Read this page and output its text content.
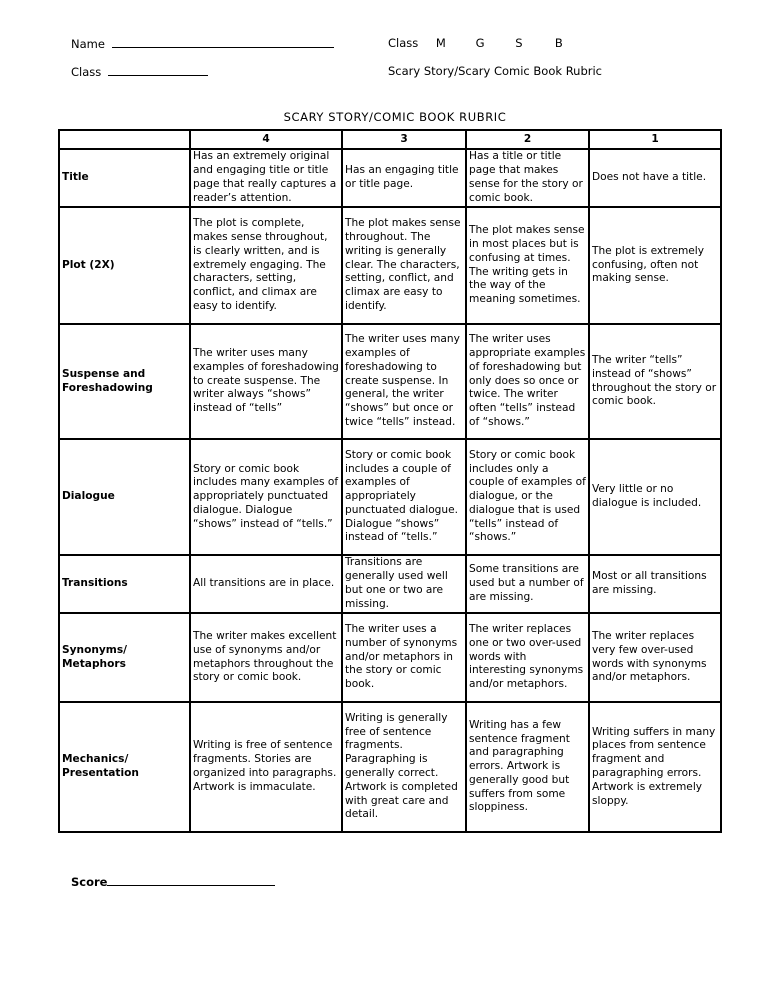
Name
Class
Class M	G	S	B
Scary Story/Scary Comic Book Rubric
SCARY STORY/COMIC BOOK RUBRIC
	4	3	2	1
Title	Has an extremely original and engaging title or title page that really captures a reader’s attention.	Has an engaging title or title page.	Has a title or title page that makes sense for the story or comic book.	Does not have a title.
Plot (2X)	The plot is complete, makes sense throughout, is clearly written, and is extremely engaging. The characters, setting, conflict, and climax are easy to identify.	The plot makes sense throughout. The writing is generally clear. The characters, setting, conflict, and climax are easy to identify.	The plot makes sense in most places but is confusing at times. The writing gets in the way of the meaning sometimes.	The plot is extremely confusing, often not making sense.
Suspense and Foreshadowing	The writer uses many examples of foreshadowing to create suspense. The writer always “shows” instead of “tells”	The writer uses many examples of foreshadowing to create suspense. In general, the writer “shows” but once or twice “tells” instead.	The writer uses appropriate examples of foreshadowing but only does so once or twice. The writer often “tells” instead of “shows.”	The writer “tells” instead of “shows” throughout the story or comic book.
Dialogue	Story or comic book includes many examples of appropriately punctuated dialogue. Dialogue “shows” instead of “tells.”	Story or comic book includes a couple of examples of appropriately punctuated dialogue. Dialogue “shows” instead of “tells.”	Story or comic book includes only a couple of examples of dialogue, or the dialogue that is used “tells” instead of “shows.”	Very little or no dialogue is included.
Transitions	All transitions are in place.	Transitions are generally used well but one or two are missing.	Some transitions are used but a number of are missing.	Most or all transitions are missing.
Synonyms/ Metaphors	The writer makes excellent use of synonyms and/or metaphors throughout the story or comic book.	The writer uses a number of synonyms and/or metaphors in the story or comic book.	The writer replaces one or two over-used words with interesting synonyms and/or metaphors.	The writer replaces very few over-used words with synonyms and/or metaphors.
Mechanics/ Presentation	Writing is free of sentence fragments. Stories are organized into paragraphs. Artwork is immaculate.	Writing is generally free of sentence fragments. Paragraphing is generally correct. Artwork is completed with great care and detail.	Writing has a few sentence fragment and paragraphing errors. Artwork is generally good but suffers from some sloppiness.	Writing suffers in many places from sentence fragment and paragraphing errors. Artwork is extremely sloppy.
Score
